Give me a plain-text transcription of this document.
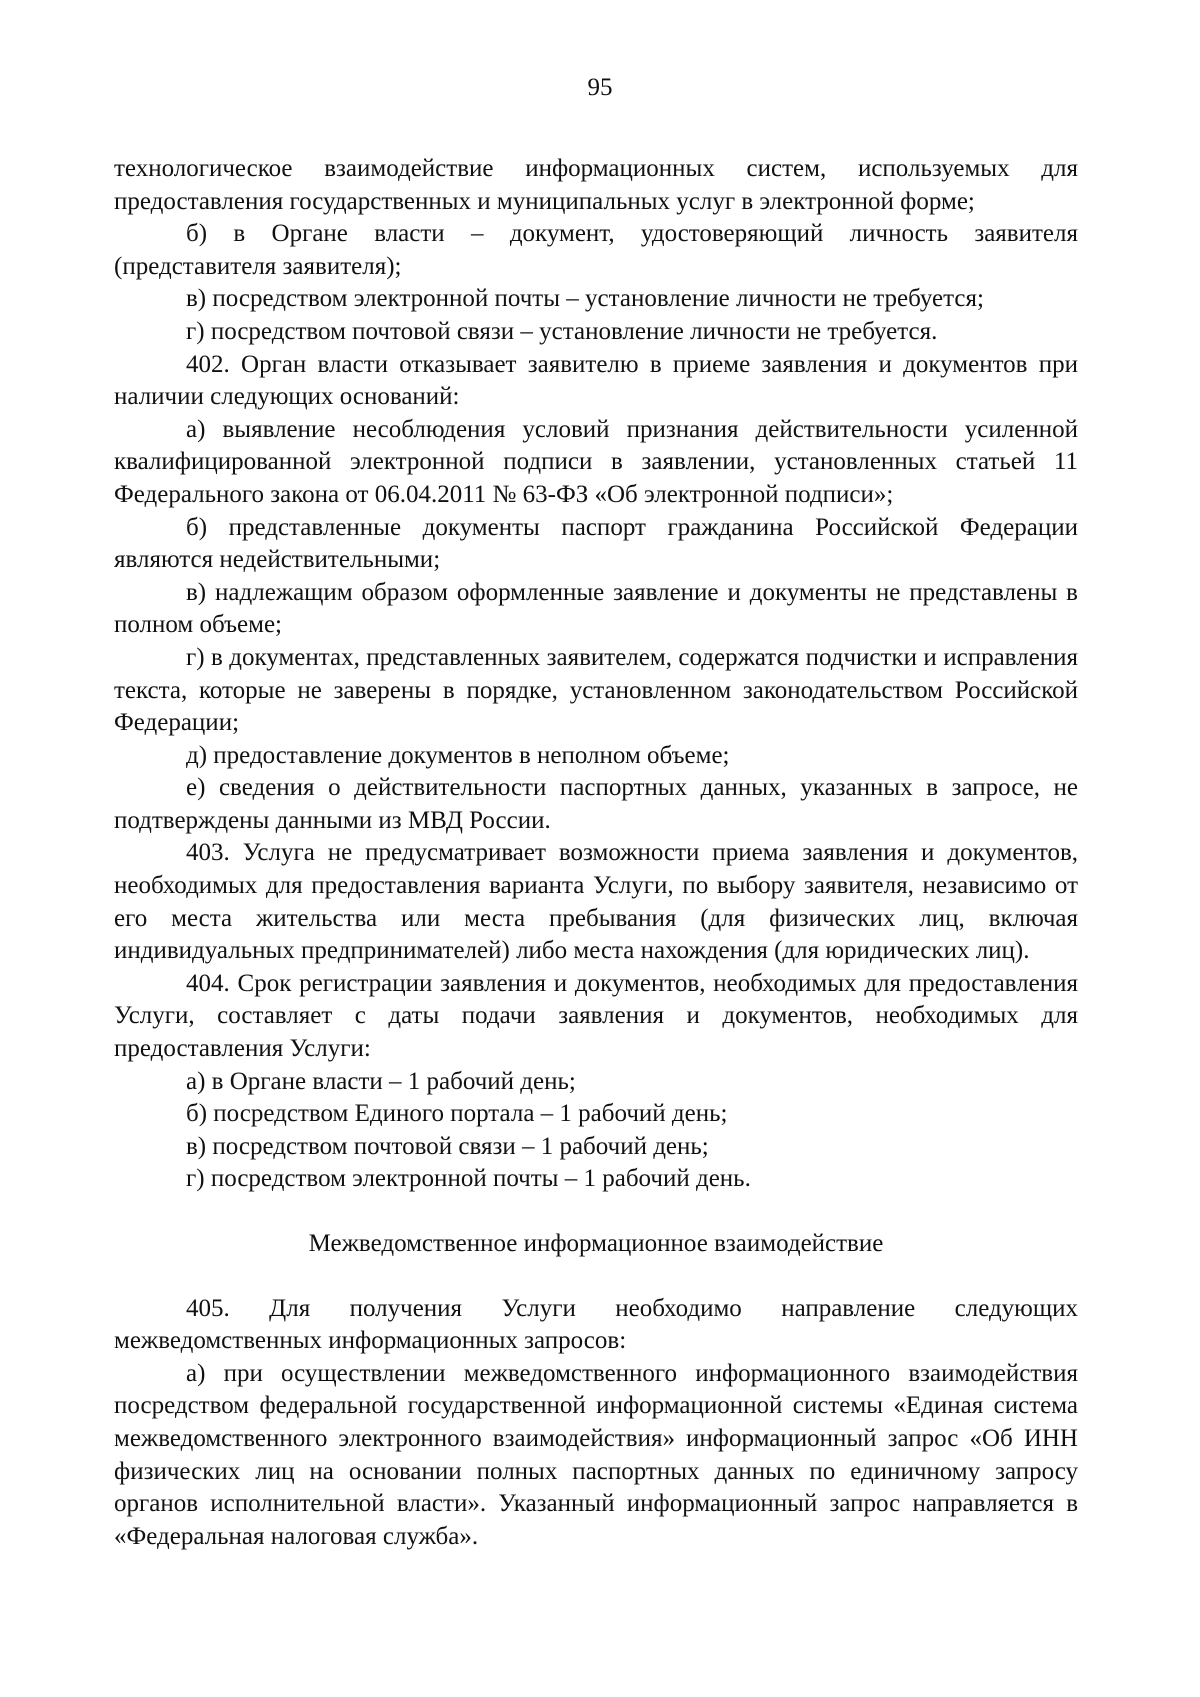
95

технологическое взаимодействие информационных систем, используемых для предоставления государственных и муниципальных услуг в электронной форме;

б) в Органе власти – документ, удостоверяющий личность заявителя (представителя заявителя);

в) посредством электронной почты – установление личности не требуется;

г) посредством почтовой связи – установление личности не требуется.

402. Орган власти отказывает заявителю в приеме заявления и документов при наличии следующих оснований:

а) выявление несоблюдения условий признания действительности усиленной квалифицированной электронной подписи в заявлении, установленных статьей 11 Федерального закона от 06.04.2011 № 63-ФЗ «Об электронной подписи»;

б) представленные документы паспорт гражданина Российской Федерации являются недействительными;

в) надлежащим образом оформленные заявление и документы не представлены в полном объеме;

г) в документах, представленных заявителем, содержатся подчистки и исправления текста, которые не заверены в порядке, установленном законодательством Российской Федерации;

д) предоставление документов в неполном объеме;

е) сведения о действительности паспортных данных, указанных в запросе, не подтверждены данными из МВД России.

403. Услуга не предусматривает возможности приема заявления и документов, необходимых для предоставления варианта Услуги, по выбору заявителя, независимо от его места жительства или места пребывания (для физических лиц, включая индивидуальных предпринимателей) либо места нахождения (для юридических лиц).

404. Срок регистрации заявления и документов, необходимых для предоставления Услуги, составляет с даты подачи заявления и документов, необходимых для предоставления Услуги:

а) в Органе власти – 1 рабочий день;

б) посредством Единого портала – 1 рабочий день;

в) посредством почтовой связи – 1 рабочий день;

г) посредством электронной почты – 1 рабочий день.

Межведомственное информационное взаимодействие

405. Для получения Услуги необходимо направление следующих межведомственных информационных запросов:

а) при осуществлении межведомственного информационного взаимодействия посредством федеральной государственной информационной системы «Единая система межведомственного электронного взаимодействия» информационный запрос «Об ИНН физических лиц на основании полных паспортных данных по единичному запросу органов исполнительной власти». Указанный информационный запрос направляется в «Федеральная налоговая служба».
